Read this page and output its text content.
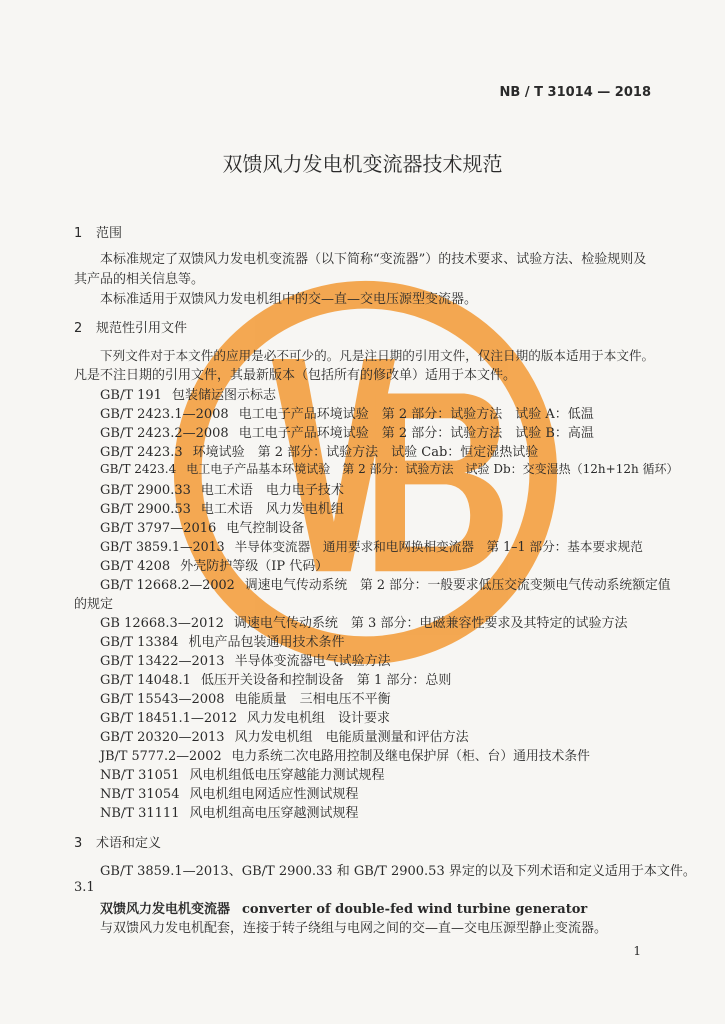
NB / T 31014 — 2018
双馈风力发电机变流器技术规范
1 范围
本标准规定了双馈风力发电机变流器（以下简称“变流器”）的技术要求、试验方法、检验规则及
其产品的相关信息等。
本标准适用于双馈风力发电机组中的交—直—交电压源型变流器。
2 规范性引用文件
下列文件对于本文件的应用是必不可少的。凡是注日期的引用文件，仅注日期的版本适用于本文件。
凡是不注日期的引用文件，其最新版本（包括所有的修改单）适用于本文件。
GB/T 191 包装储运图示标志
GB/T 2423.1—2008 电工电子产品环境试验　第 2 部分：试验方法　试验 A：低温
GB/T 2423.2—2008 电工电子产品环境试验　第 2 部分：试验方法　试验 B：高温
GB/T 2423.3 环境试验　第 2 部分：试验方法　试验 Cab：恒定湿热试验
GB/T 2423.4 电工电子产品基本环境试验　第 2 部分：试验方法　试验 Db：交变湿热（12h+12h 循环）
GB/T 2900.33 电工术语　电力电子技术
GB/T 2900.53 电工术语　风力发电机组
GB/T 3797—2016 电气控制设备
GB/T 3859.1—2013 半导体变流器　通用要求和电网换相变流器　第 1–1 部分：基本要求规范
GB/T 4208 外壳防护等级（IP 代码）
GB/T 12668.2—2002 调速电气传动系统　第 2 部分：一般要求低压交流变频电气传动系统额定值
的规定
GB 12668.3—2012 调速电气传动系统　第 3 部分：电磁兼容性要求及其特定的试验方法
GB/T 13384 机电产品包装通用技术条件
GB/T 13422—2013 半导体变流器电气试验方法
GB/T 14048.1 低压开关设备和控制设备　第 1 部分：总则
GB/T 15543—2008 电能质量　三相电压不平衡
GB/T 18451.1—2012 风力发电机组　设计要求
GB/T 20320—2013 风力发电机组　电能质量测量和评估方法
JB/T 5777.2—2002 电力系统二次电路用控制及继电保护屏（柜、台）通用技术条件
NB/T 31051 风电机组低电压穿越能力测试规程
NB/T 31054 风电机组电网适应性测试规程
NB/T 31111 风电机组高电压穿越测试规程
3 术语和定义
GB/T 3859.1—2013、GB/T 2900.33 和 GB/T 2900.53 界定的以及下列术语和定义适用于本文件。
3.1
双馈风力发电机变流器 converter of double-fed wind turbine generator
与双馈风力发电机配套，连接于转子绕组与电网之间的交—直—交电压源型静止变流器。
1
